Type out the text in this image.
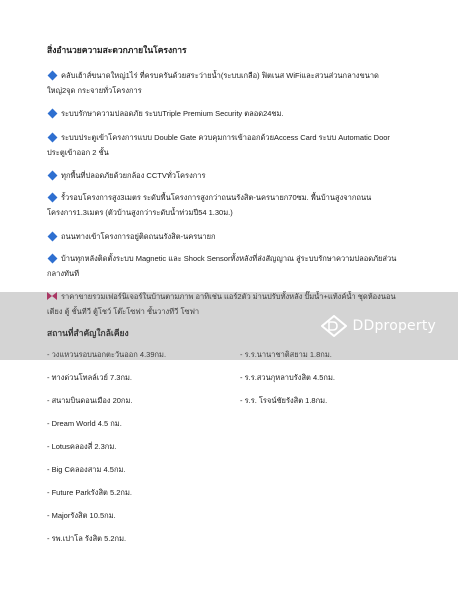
สิ่งอำนวยความสะดวกภายในโครงการ
คลับเฮ้าส์ขนาดใหญ่1ไร่ ที่ครบครันด้วยสระว่ายน้ำ(ระบบเกลือ) ฟิตเนส WiFiและสวนส่วนกลางขนาดใหญ่2จุด กระจายทั่วโครงการ
ระบบรักษาความปลอดภัย ระบบTriple Premium Security ตลอด24ชม.
ระบบประตูเข้าโครงการแบบ Double Gate ควบคุมการเข้าออกด้วยAccess Card ระบบ Automatic Door ประตูเข้าออก 2 ชั้น
ทุกพื้นที่ปลอดภัยด้วยกล้อง CCTVทั่วโครงการ
รั้วรอบโครงการสูง3เมตร ระดับพื้นโครงการสูงกว่าถนนรังสิต-นครนายก70ซม. พื้นบ้านสูงจากถนนโครงการ1.3เมตร (ตัวบ้านสูงกว่าระดับน้ำท่วมปี54 1.30ม.)
ถนนทางเข้าโครงการอยู่ติดถนนรังสิต-นครนายก
บ้านทุกหลังติดตั้งระบบ Magnetic และ Shock Sensorทั้งหลังที่ส่งสัญญาณ สู่ระบบรักษาความปลอดภัยส่วนกลางทันที
ราคาขายรวมเฟอร์นิเจอร์ในบ้านตามภาพ อาทิเช่น แอร์2ตัว ม่านปรับทั้งหลัง ปั๊มน้ำ+แท้งค์น้ำ ชุดห้องนอน เตียง ตู้ ชั้นทีวี ตู้โชว์ โต๊ะโซฟา ชั้นวางทีวี โซฟา
สถานที่สำคัญใกล้เคียง
- วงแหวนรอบนอกตะวันออก 4.39กม.
- ทางด่วนโทลล์เวย์ 7.3กม.
- สนามบินดอนเมือง 20กม.
- Dream World 4.5 กม.
- Lotusคลองสี่ 2.3กม.
- Big Cคลองสาม 4.5กม.
- Future Parkรังสิต 5.2กม.
- Majorรังสิต 10.5กม.
- รพ.เปาโล รังสิต 5.2กม.
- ร.ร.นานาชาติสยาม 1.8กม.
- ร.ร.สวนกุหลาบรังสิต 4.5กม.
- ร.ร. โรจน์ชัยรังสิต 1.8กม.
DDproperty
